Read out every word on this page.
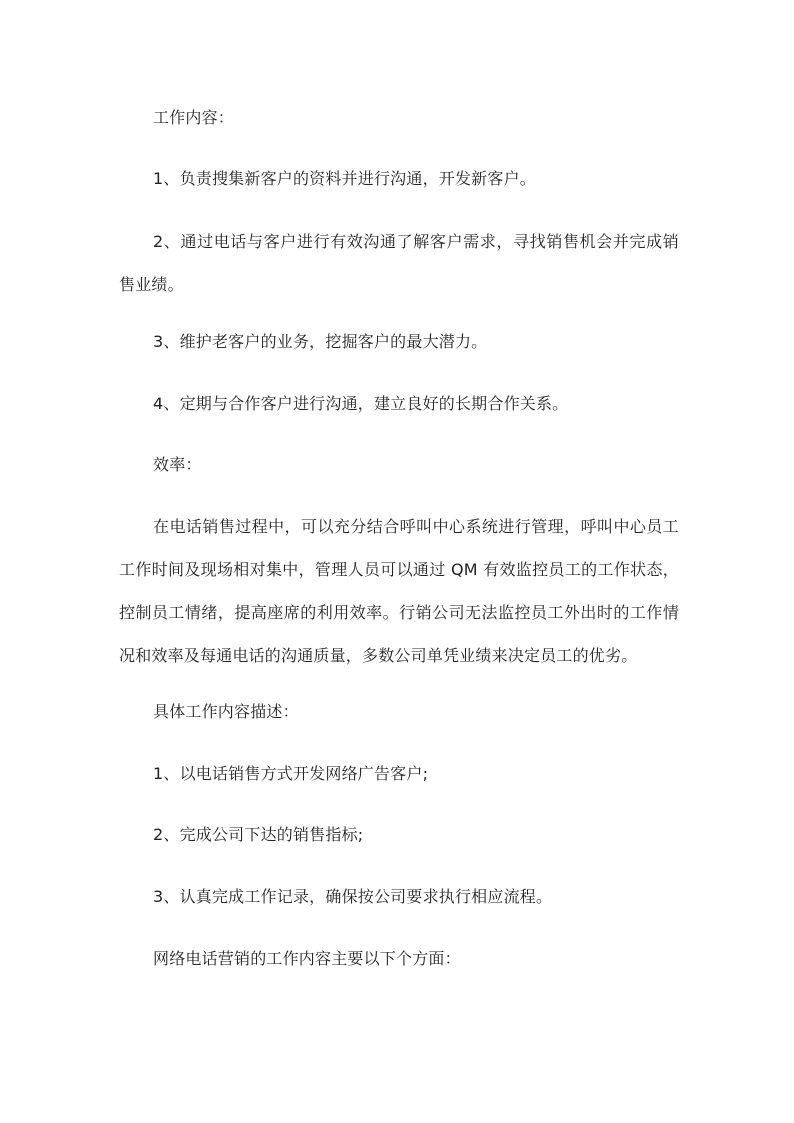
工作内容：

1、负责搜集新客户的资料并进行沟通，开发新客户。

2、通过电话与客户进行有效沟通了解客户需求，寻找销售机会并完成销售业绩。

3、维护老客户的业务，挖掘客户的最大潜力。

4、定期与合作客户进行沟通，建立良好的长期合作关系。

效率：

在电话销售过程中，可以充分结合呼叫中心系统进行管理，呼叫中心员工工作时间及现场相对集中，管理人员可以通过 QM 有效监控员工的工作状态，控制员工情绪，提高座席的利用效率。行销公司无法监控员工外出时的工作情况和效率及每通电话的沟通质量，多数公司单凭业绩来决定员工的优劣。

具体工作内容描述：

1、以电话销售方式开发网络广告客户;

2、完成公司下达的销售指标;

3、认真完成工作记录，确保按公司要求执行相应流程。

网络电话营销的工作内容主要以下个方面：
